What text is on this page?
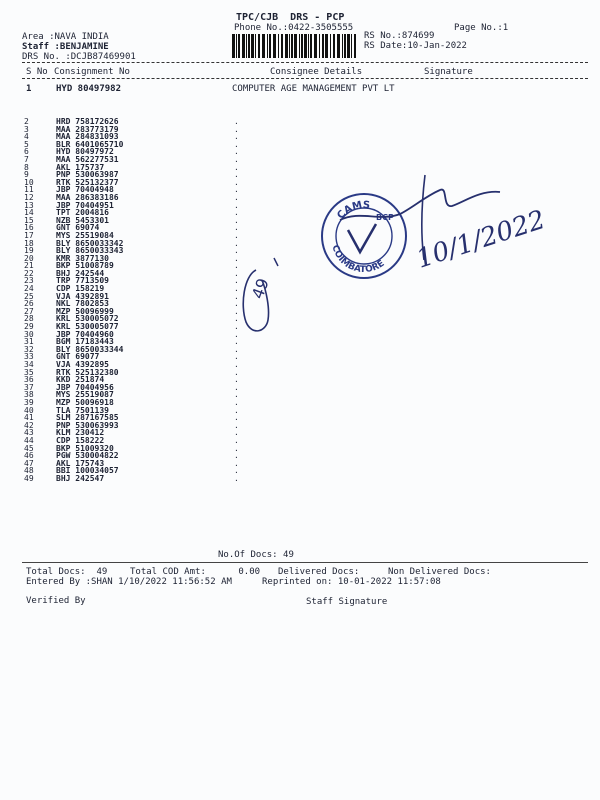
TPC/CJB  DRS - PCP
Phone No.:0422-3505555	Page No.:1
Area :NAVA INDIA
Staff :BENJAMINE
DRS No. :DCJB87469901
RS No.:874699
RS Date:10-Jan-2022
S No Consignment No	Consignee Details	Signature
1	HYD 80497982	COMPUTER AGE MANAGEMENT PVT LT
2	HRD 758172626	.
3	MAA 283773179	.
4	MAA 284831093	.
5	BLR 6401065710	.
6	HYD 80497972	.
7	MAA 562277531	.
8	AKL 175737	.
9	PNP 530063987	.
10	RTK 525132377	.
11	JBP 70404948	.
12	MAA 286383186	.
13	JBP 70404951	.
14	TPT 2004816	.
15	NZB 5453301	.
16	GNT 69074	.
17	MYS 25519084	.
18	BLY 8650033342	.
19	BLY 8650033343	.
20	KMR 3877130	.
21	BKP 51008789	.
22	BHJ 242544	.
23	TRP 7713509	.
24	CDP 158219	.
25	VJA 4392891	.
26	NKL 7802853	.
27	MZP 50096999	.
28	KRL 530005072	.
29	KRL 530005077	.
30	JBP 70404960	.
31	BGM 17183443	.
32	BLY 8650033344	.
33	GNT 69077	.
34	VJA 4392895	.
35	RTK 525132380	.
36	KKD 251874	.
37	JBP 70404956	.
38	MYS 25519087	.
39	MZP 50096918	.
40	TLA 7501139	.
41	SLM 287167585	.
42	PNP 530063993	.
43	KLM 230412	.
44	CDP 158222	.
45	BKP 51009320	.
46	PGW 530004822	.
47	AKL 175743	.
48	BBI 100034057	.
49	BHJ 242547	.
49
CAMS
BCP
COIMBATORE 10/1/2022
No.Of Docs: 49
Total Docs:  49	Total COD Amt:      0.00 Delivered Docs:	Non Delivered Docs:
Entered By :SHAN 1/10/2022 11:56:52 AM	Reprinted on: 10-01-2022 11:57:08
Verified By	Staff Signature
